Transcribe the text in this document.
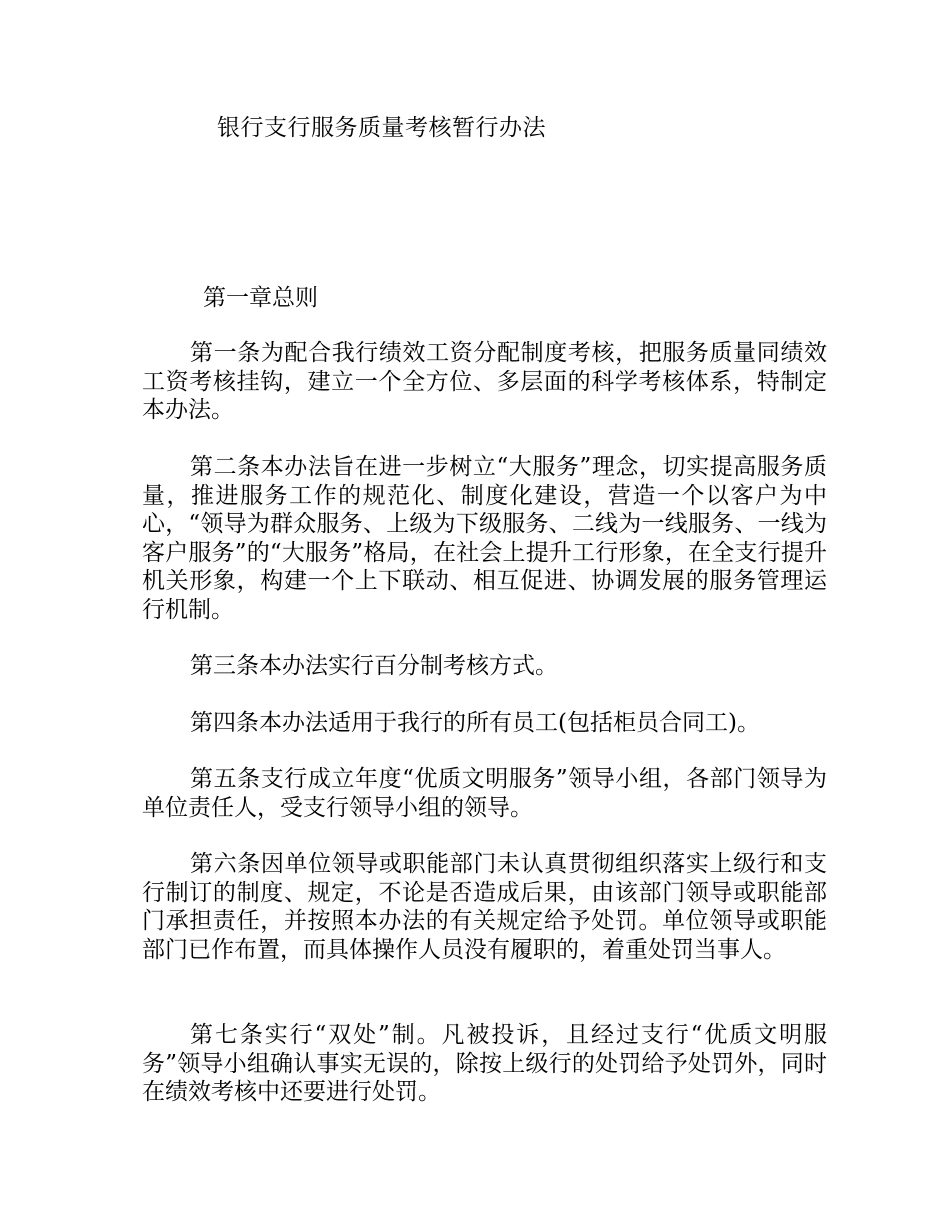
银行支行服务质量考核暂行办法
第一章总则

第一条为配合我行绩效工资分配制度考核，把服务质量同绩效工资考核挂钩，建立一个全方位、多层面的科学考核体系，特制定本办法。

第二条本办法旨在进一步树立“大服务”理念，切实提高服务质量，推进服务工作的规范化、制度化建设，营造一个以客户为中心，“领导为群众服务、上级为下级服务、二线为一线服务、一线为客户服务”的“大服务”格局，在社会上提升工行形象，在全支行提升机关形象，构建一个上下联动、相互促进、协调发展的服务管理运行机制。

第三条本办法实行百分制考核方式。

第四条本办法适用于我行的所有员工(包括柜员合同工)。

第五条支行成立年度“优质文明服务”领导小组，各部门领导为单位责任人，受支行领导小组的领导。

第六条因单位领导或职能部门未认真贯彻组织落实上级行和支行制订的制度、规定，不论是否造成后果，由该部门领导或职能部门承担责任，并按照本办法的有关规定给予处罚。单位领导或职能部门已作布置，而具体操作人员没有履职的，着重处罚当事人。

第七条实行“双处”制。凡被投诉，且经过支行“优质文明服务”领导小组确认事实无误的，除按上级行的处罚给予处罚外，同时在绩效考核中还要进行处罚。
